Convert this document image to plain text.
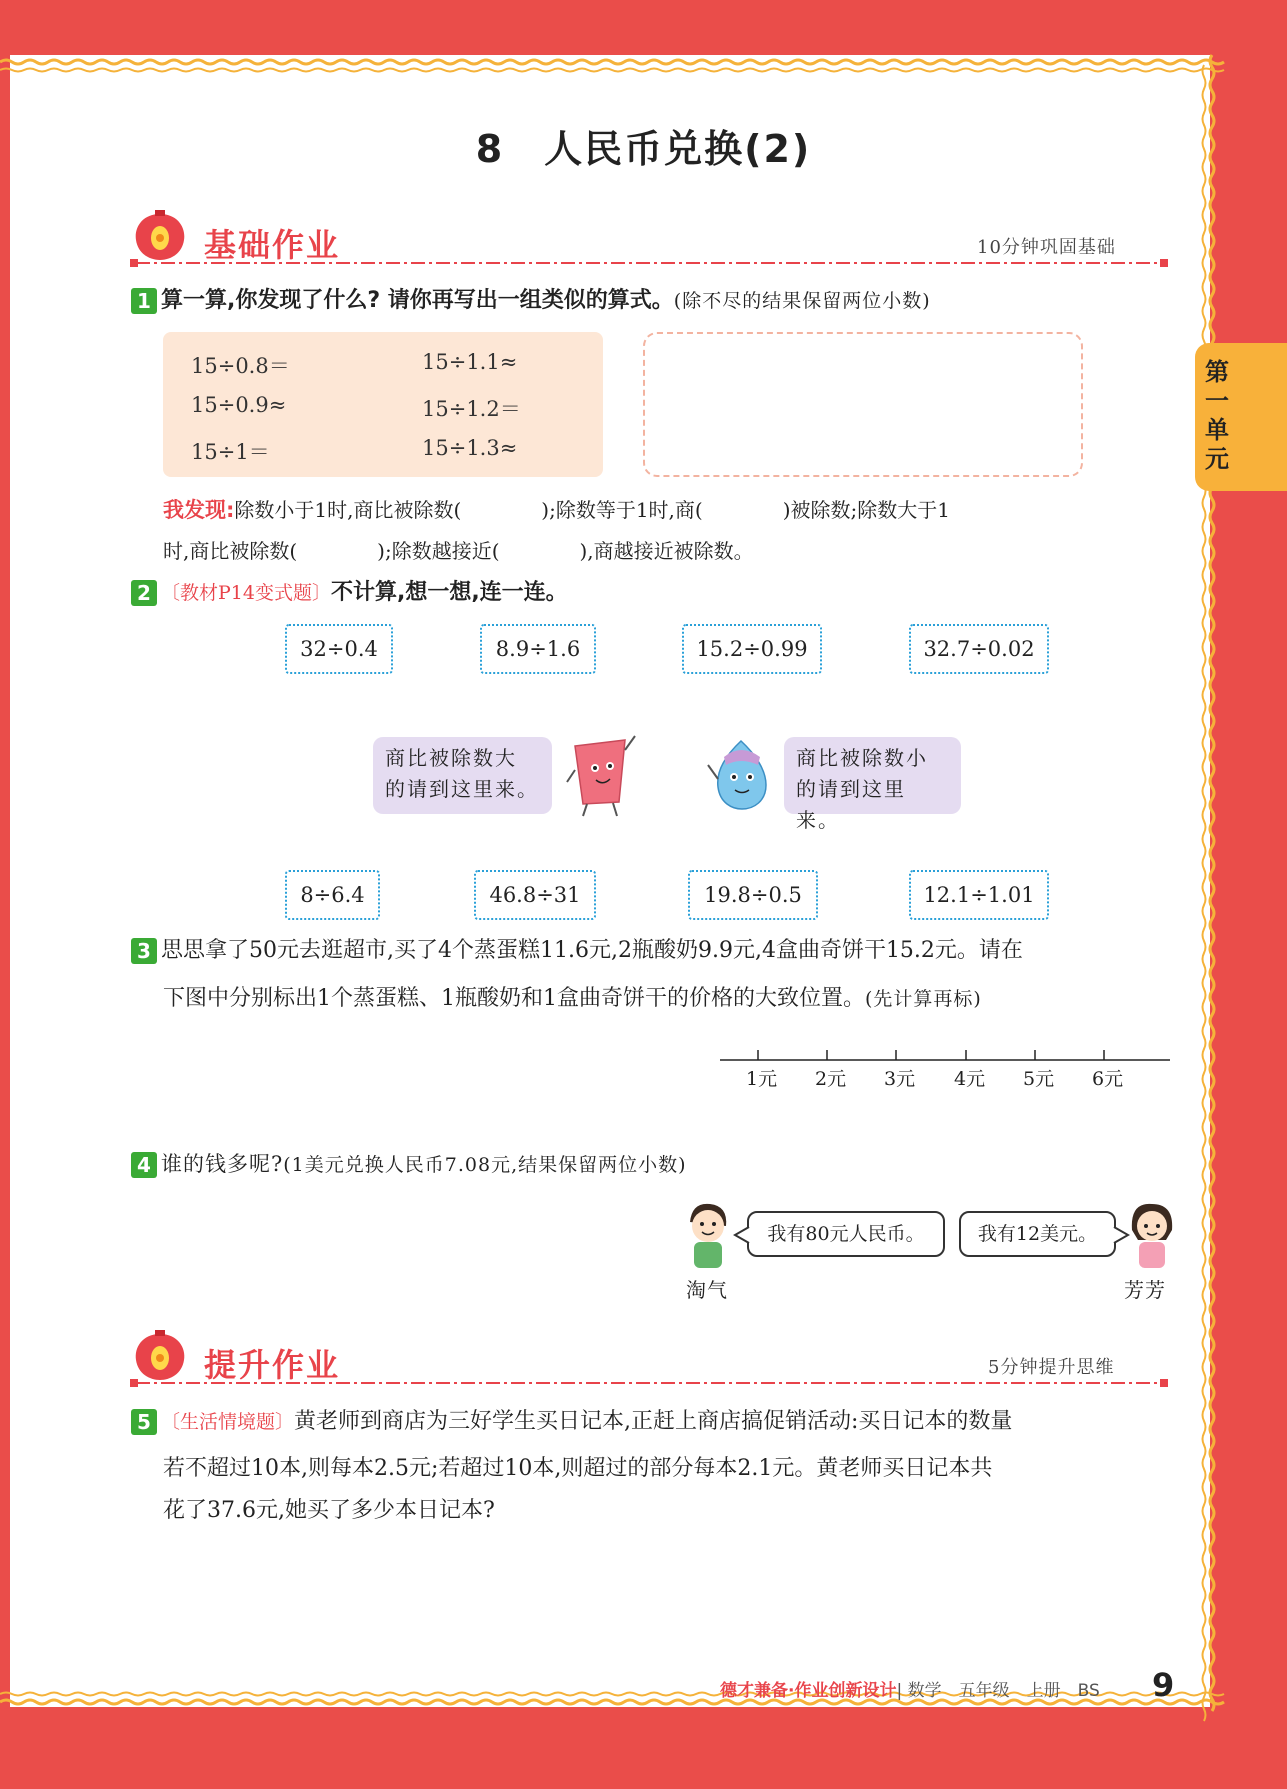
第一单元
8　人民币兑换(2)
基础作业	10分钟巩固基础
1 算一算,你发现了什么? 请你再写出一组类似的算式。(除不尽的结果保留两位小数)
15÷0.8＝
15÷0.9≈
15÷1＝
15÷1.1≈
15÷1.2＝
15÷1.3≈
我发现:除数小于1时,商比被除数(　　　　);除数等于1时,商(　　　　)被除数;除数大于1
时,商比被除数(　　　　);除数越接近(　　　　),商越接近被除数。
2 〔教材P14变式题〕不计算,想一想,连一连。
32÷0.4	8.9÷1.6	15.2÷0.99	32.7÷0.02
商比被除数大
的请到这里来。
商比被除数小
的请到这里来。
8÷6.4	46.8÷31	19.8÷0.5	12.1÷1.01
3 思思拿了50元去逛超市,买了4个蒸蛋糕11.6元,2瓶酸奶9.9元,4盒曲奇饼干15.2元。请在
下图中分别标出1个蒸蛋糕、1瓶酸奶和1盒曲奇饼干的价格的大致位置。(先计算再标)
1元 2元 3元 4元 5元 6元
4 谁的钱多呢?(1美元兑换人民币7.08元,结果保留两位小数)
我有80元人民币。	我有12美元。
淘气	芳芳
提升作业	5分钟提升思维
5 〔生活情境题〕黄老师到商店为三好学生买日记本,正赶上商店搞促销活动:买日记本的数量
若不超过10本,则每本2.5元;若超过10本,则超过的部分每本2.1元。黄老师买日记本共
花了37.6元,她买了多少本日记本?
德才兼备·作业创新设计| 数学　五年级　上册　BS 9
